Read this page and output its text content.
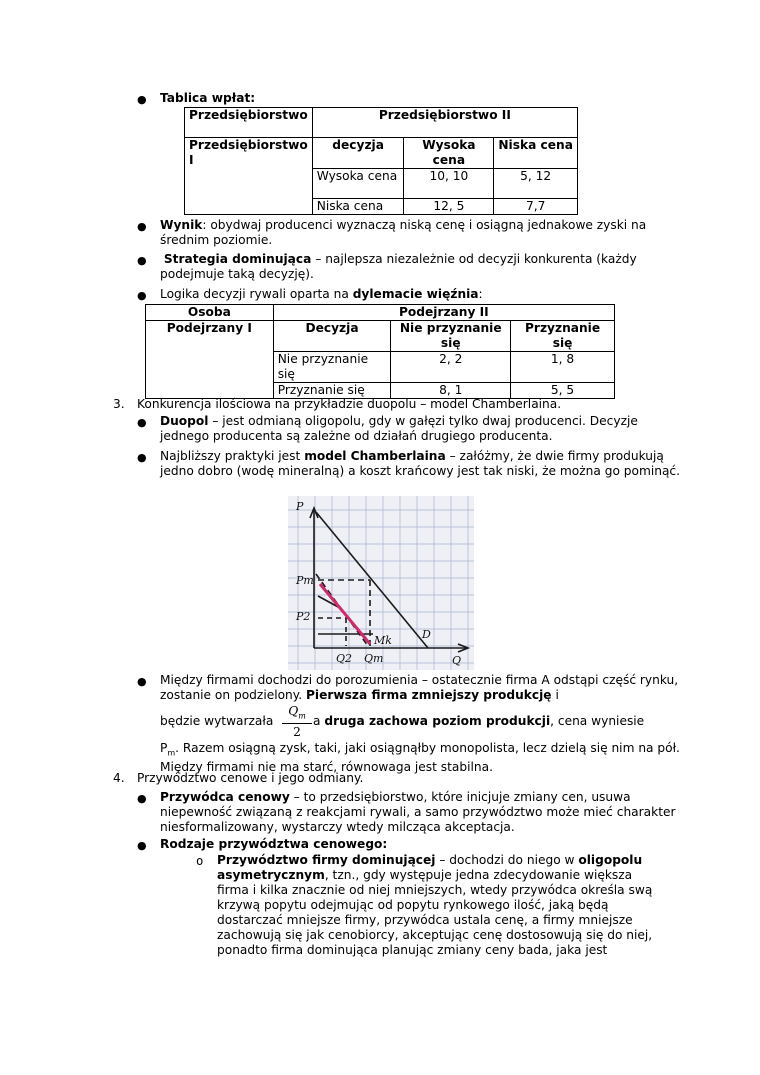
● Tablica wpłat:
Przedsiębiorstwo	Przedsiębiorstwo II		
Przedsiębiorstwo I	decyzja	Wysoka cena	Niska cena
	Wysoka cena	10, 10	5, 12
	Niska cena	12, 5	7,7
● Wynik: obydwaj producenci wyznaczą niską cenę i osiągną jednakowe zyski na średnim poziomie.
●	Strategia dominująca – najlepsza niezależnie od decyzji konkurenta (każdy podejmuje taką decyzję).
● Logika decyzji rywali oparta na dylemacie więźnia:
Osoba	Podejrzany II		
Podejrzany I	Decyzja	Nie przyznanie się	Przyznanie się
	Nie przyznanie się	2, 2	1, 8
	Przyznanie się	8, 1	5, 5
3. Konkurencja ilościowa na przykładzie duopolu – model Chamberlaina.
● Duopol – jest odmianą oligopolu, gdy w gałęzi tylko dwaj producenci. Decyzje jednego producenta są zależne od działań drugiego producenta.
● Najbliższy praktyki jest model Chamberlaina – załóżmy, że dwie firmy produkują jedno dobro (wodę mineralną) a koszt krańcowy jest tak niski, że można go pominąć.
P
Pm
P2
Mk	D
Q2 Qm	Q
● Między firmami dochodzi do porozumienia – ostatecznie firma A odstąpi część rynku, zostanie on podzielony. Pierwsza firma zmniejszy produkcję i
będzie wytwarzała
$Q_m$
2
a druga zachowa poziom produkcji, cena wyniesie
$P_m$. Razem osiągną zysk, taki, jaki osiągnąłby monopolista, lecz dzielą się nim na pół. Między firmami nie ma starć, równowaga jest stabilna.
4. Przywództwo cenowe i jego odmiany.
● Przywódca cenowy – to przedsiębiorstwo, które inicjuje zmiany cen, usuwa niepewność związaną z reakcjami rywali, a samo przywództwo może mieć charakter niesformalizowany, wystarczy wtedy milcząca akceptacja.
● Rodzaje przywództwa cenowego:
o Przywództwo firmy dominującej – dochodzi do niego w oligopolu asymetrycznym, tzn., gdy występuje jedna zdecydowanie większa firma i kilka znacznie od niej mniejszych, wtedy przywódca określa swą krzywą popytu odejmując od popytu rynkowego ilość, jaką będą dostarczać mniejsze firmy, przywódca ustala cenę, a firmy mniejsze zachowują się jak cenobiorcy, akceptując cenę dostosowują się do niej, ponadto firma dominująca planując zmiany ceny bada, jaka jest
